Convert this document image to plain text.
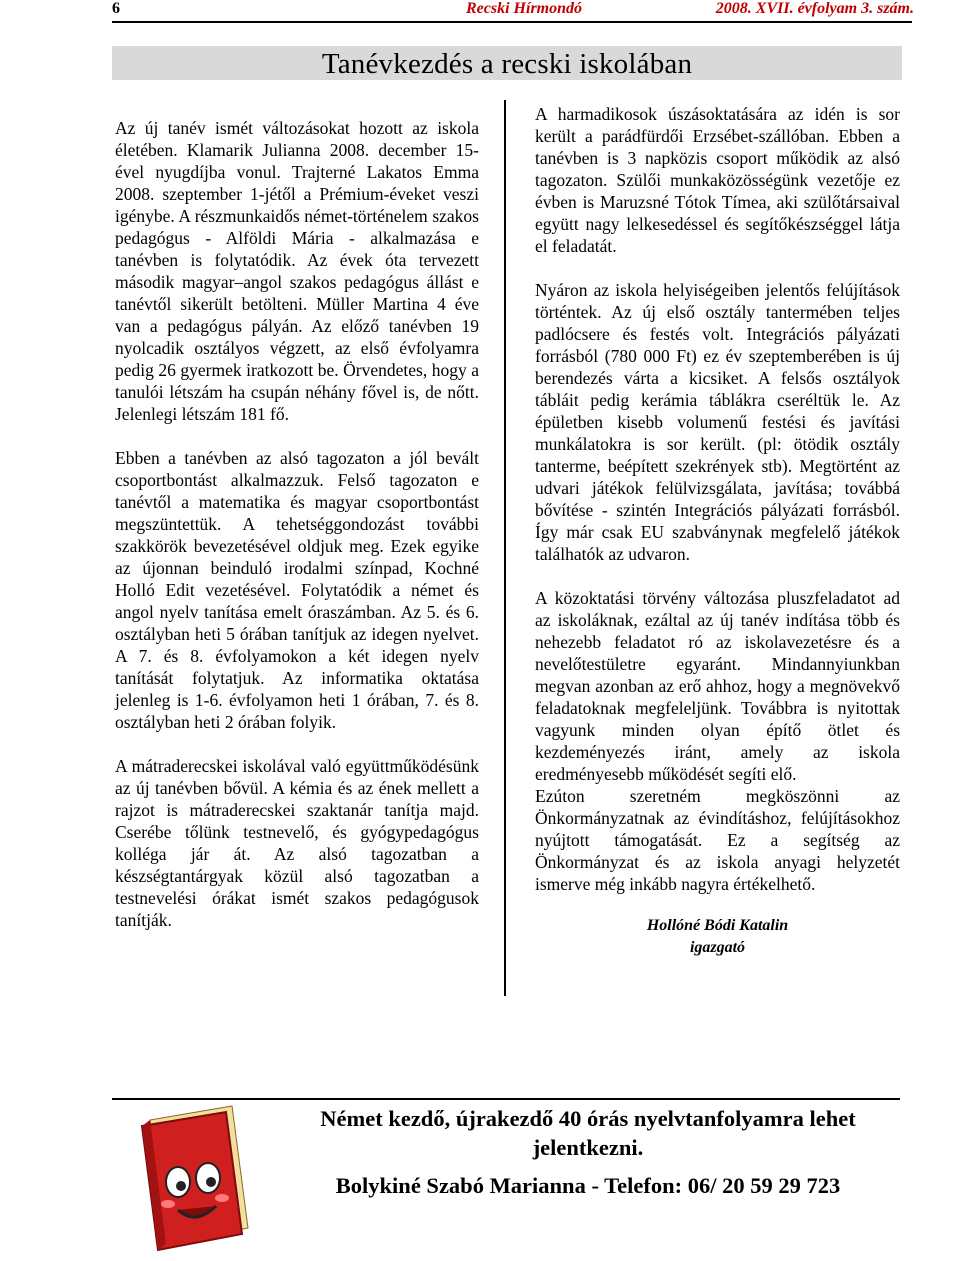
6	Recski Hírmondó	2008. XVII. évfolyam 3. szám.
Tanévkezdés a recski iskolában

Az új tanév ismét változásokat hozott az iskola életében. Klamarik Julianna 2008. december 15-ével nyugdíjba vonul. Trajterné Lakatos Emma 2008. szeptember 1-jétől a Prémium-éveket veszi igénybe. A részmunkaidős német-történelem szakos pedagógus - Alföldi Mária - alkalmazása e tanévben is folytatódik. Az évek óta tervezett második magyar–angol szakos pedagógus állást e tanévtől sikerült betölteni. Müller Martina 4 éve van a pedagógus pályán. Az előző tanévben 19 nyolcadik osztályos végzett, az első évfolyamra pedig 26 gyermek iratkozott be. Örvendetes, hogy a tanulói létszám ha csupán néhány fővel is, de nőtt. Jelenlegi létszám 181 fő.

Ebben a tanévben az alsó tagozaton a jól bevált csoportbontást alkalmazzuk. Felső tagozaton e tanévtől a matematika és magyar csoportbontást megszüntettük. A tehetséggondozást további szakkörök bevezetésével oldjuk meg. Ezek egyike az újonnan beinduló irodalmi színpad, Kochné Holló Edit vezetésével. Folytatódik a német és angol nyelv tanítása emelt óraszámban. Az 5. és 6. osztályban heti 5 órában tanítjuk az idegen nyelvet. A 7. és 8. évfolyamokon a két idegen nyelv tanítását folytatjuk. Az informatika oktatása jelenleg is 1-6. évfolyamon heti 1 órában, 7. és 8. osztályban heti 2 órában folyik.

A mátraderecskei iskolával való együttműködésünk az új tanévben bővül. A kémia és az ének mellett a rajzot is mátraderecskei szaktanár tanítja majd. Cserébe tőlünk testnevelő, és gyógypedagógus kolléga jár át. Az alsó tagozatban a készségtantárgyak közül alsó tagozatban a testnevelési órákat ismét szakos pedagógusok tanítják.

A harmadikosok úszásoktatására az idén is sor került a parádfürdői Erzsébet-szállóban. Ebben a tanévben is 3 napközis csoport működik az alsó tagozaton. Szülői munkaközösségünk vezetője ez évben is Maruzsné Tótok Tímea, aki szülőtársaival együtt nagy lelkesedéssel és segítőkészséggel látja el feladatát.

Nyáron az iskola helyiségeiben jelentős felújítások történtek. Az új első osztály tantermében teljes padlócsere és festés volt. Integrációs pályázati forrásból (780 000 Ft) ez év szeptemberében is új berendezés várta a kicsiket. A felsős osztályok tábláit pedig kerámia táblákra cseréltük le. Az épületben kisebb volumenű festési és javítási munkálatokra is sor került. (pl: ötödik osztály tanterme, beépített szekrények stb). Megtörtént az udvari játékok felülvizsgálata, javítása; továbbá bővítése - szintén Integrációs pályázati forrásból. Így már csak EU szabványnak megfelelő játékok találhatók az udvaron.

A közoktatási törvény változása pluszfeladatot ad az iskoláknak, ezáltal az új tanév indítása több és nehezebb feladatot ró az iskolavezetésre és a nevelőtestületre egyaránt. Mindannyiunkban megvan azonban az erő ahhoz, hogy a megnövekvő feladatoknak megfeleljünk. Továbbra is nyitottak vagyunk minden olyan építő ötlet és kezdeményezés iránt, amely az iskola eredményesebb működését segíti elő.

Ezúton szeretném megköszönni az Önkormányzatnak az évindításhoz, felújításokhoz nyújtott támogatását. Ez a segítség az Önkormányzat és az iskola anyagi helyzetét ismerve még inkább nagyra értékelhető.

Hollóné Bódi Katalin
igazgató
Német kezdő, újrakezdő 40 órás nyelvtanfolyamra lehet
jelentkezni.
Bolykiné Szabó Marianna - Telefon: 06/ 20 59 29 723
